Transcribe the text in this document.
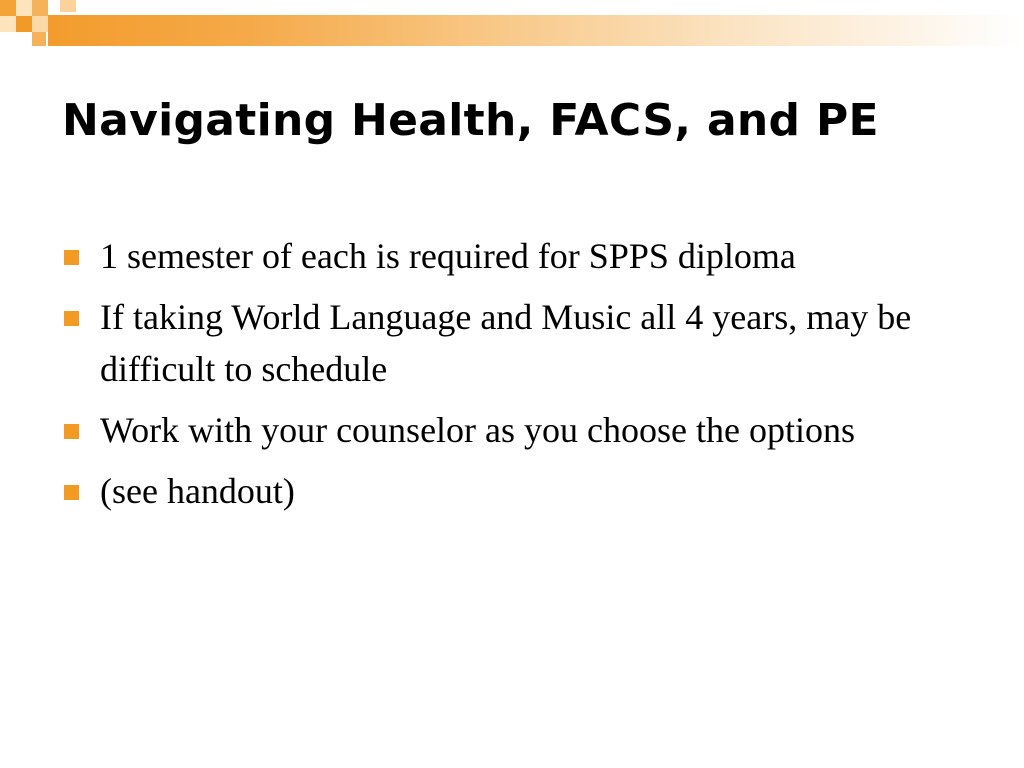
Navigating Health, FACS, and PE
1 semester of each is required for SPPS diploma
If taking World Language and Music all 4 years, may be difficult to schedule
Work with your counselor as you choose the options
(see handout)
